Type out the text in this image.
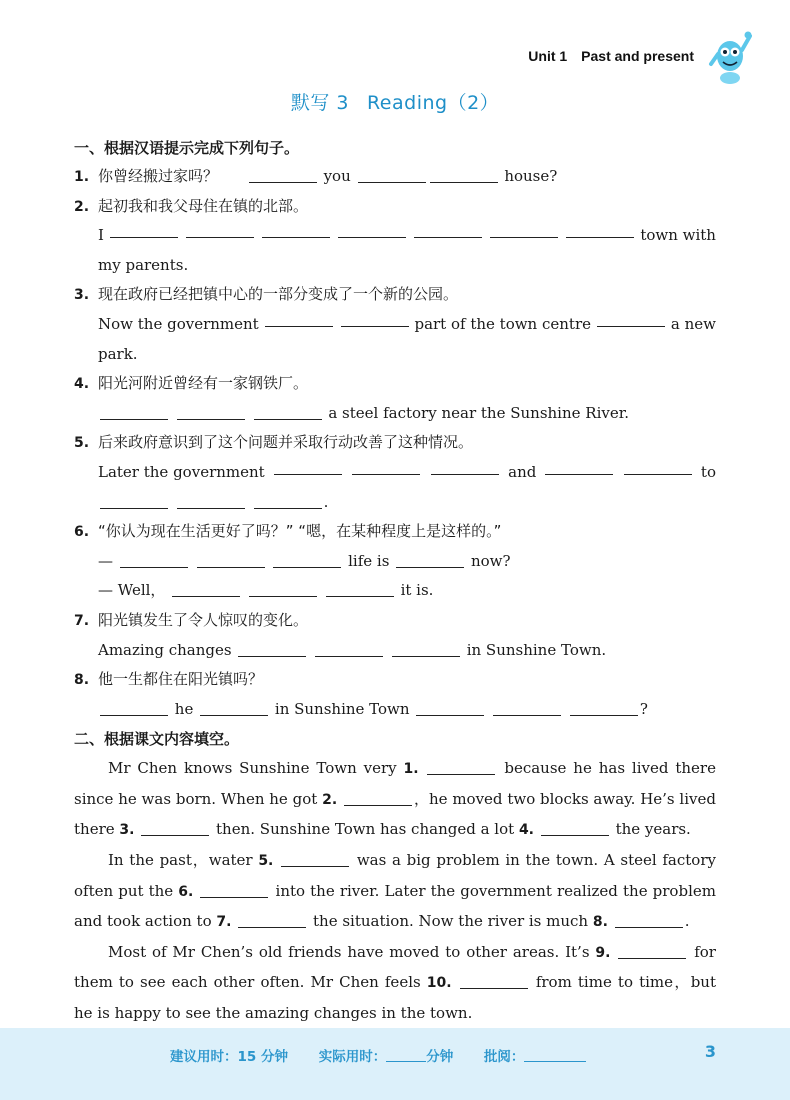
Unit 1 Past and present
默写 3 Reading（2）
一、根据汉语提示完成下列句子。
1. 你曾经搬过家吗？	you	house?
2. 起初我和我父母住在镇的北部。
I	town with
my parents.
3. 现在政府已经把镇中心的一部分变成了一个新的公园。
Now the government	part of the town centre	a new
park.
4. 阳光河附近曾经有一家钢铁厂。
a steel factory near the Sunshine River.
5. 后来政府意识到了这个问题并采取行动改善了这种情况。
Later the government	and	to
.
6. “你认为现在生活更好了吗？” “嗯，在某种程度上是这样的。”
—	life is	now?
— Well，	it is.
7. 阳光镇发生了令人惊叹的变化。
Amazing changes	in Sunshine Town.
8. 他一生都住在阳光镇吗？
he	in Sunshine Town	?
二、根据课文内容填空。

Mr Chen knows Sunshine Town very 1.	because he has lived there since he was born. When he got 2.	，he moved two blocks away. He’s lived there 3.	then. Sunshine Town has changed a lot 4.	the years.

In the past，water 5.	was a big problem in the town. A steel factory often put the 6.	into the river. Later the government realized the problem and took action to 7.	the situation. Now the river is much 8.	.

Most of Mr Chen’s old friends have moved to other areas. It’s 9.	for them to see each other often. Mr Chen feels 10.	from time to time，but he is happy to see the amazing changes in the town.

建议用时：15 分钟 实际用时：	分钟 批阅：	3
